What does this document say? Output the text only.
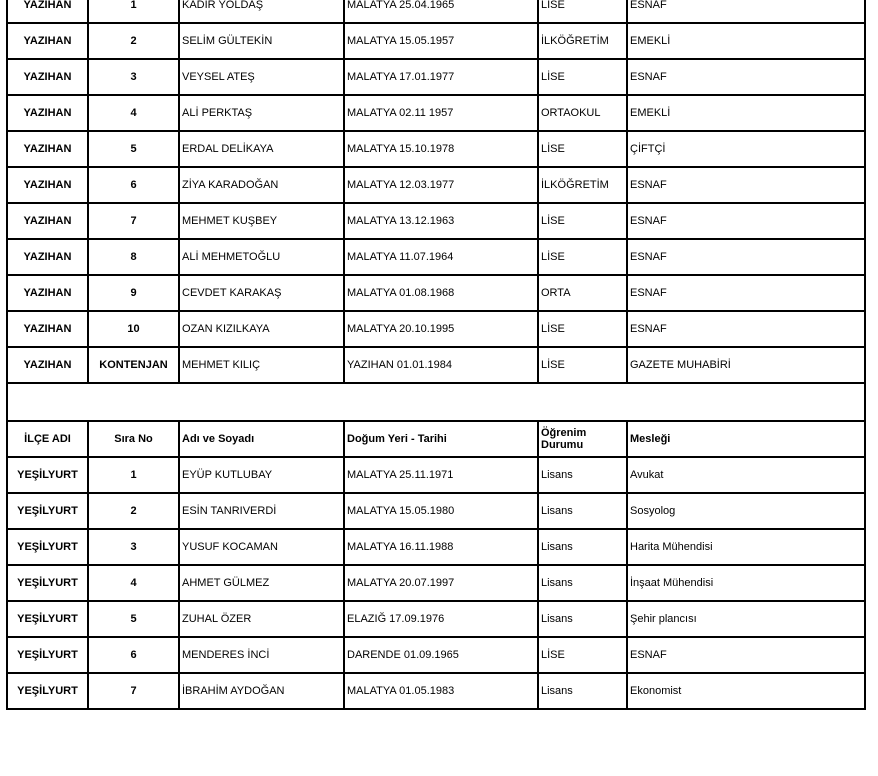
YAZIHAN	1	KADİR YOLDAŞ	MALATYA 25.04.1965	LİSE	ESNAF
YAZIHAN	2	SELİM GÜLTEKİN	MALATYA 15.05.1957	İLKÖĞRETİM	EMEKLİ
YAZIHAN	3	VEYSEL ATEŞ	MALATYA 17.01.1977	LİSE	ESNAF
YAZIHAN	4	ALİ PERKTAŞ	MALATYA 02.11 1957	ORTAOKUL	EMEKLİ
YAZIHAN	5	ERDAL DELİKAYA	MALATYA 15.10.1978	LİSE	ÇİFTÇİ
YAZIHAN	6	ZİYA KARADOĞAN	MALATYA 12.03.1977	İLKÖĞRETİM	ESNAF
YAZIHAN	7	MEHMET KUŞBEY	MALATYA 13.12.1963	LİSE	ESNAF
YAZIHAN	8	ALİ MEHMETOĞLU	MALATYA 11.07.1964	LİSE	ESNAF
YAZIHAN	9	CEVDET KARAKAŞ	MALATYA 01.08.1968	ORTA	ESNAF
YAZIHAN	10	OZAN KIZILKAYA	MALATYA 20.10.1995	LİSE	ESNAF
YAZIHAN	KONTENJAN	MEHMET KILIÇ	YAZIHAN 01.01.1984	LİSE	GAZETE MUHABİRİ

İLÇE ADI	Sıra No	Adı ve Soyadı	Doğum Yeri - Tarihi	Öğrenim Durumu	Mesleği
YEŞİLYURT	1	EYÜP KUTLUBAY	MALATYA 25.11.1971	Lisans	Avukat
YEŞİLYURT	2	ESİN TANRIVERDİ	MALATYA 15.05.1980	Lisans	Sosyolog
YEŞİLYURT	3	YUSUF KOCAMAN	MALATYA 16.11.1988	Lisans	Harita Mühendisi
YEŞİLYURT	4	AHMET GÜLMEZ	MALATYA 20.07.1997	Lisans	İnşaat Mühendisi
YEŞİLYURT	5	ZUHAL ÖZER	ELAZIĞ 17.09.1976	Lisans	Şehir plancısı
YEŞİLYURT	6	MENDERES İNCİ	DARENDE 01.09.1965	LİSE	ESNAF
YEŞİLYURT	7	İBRAHİM AYDOĞAN	MALATYA 01.05.1983	Lisans	Ekonomist
